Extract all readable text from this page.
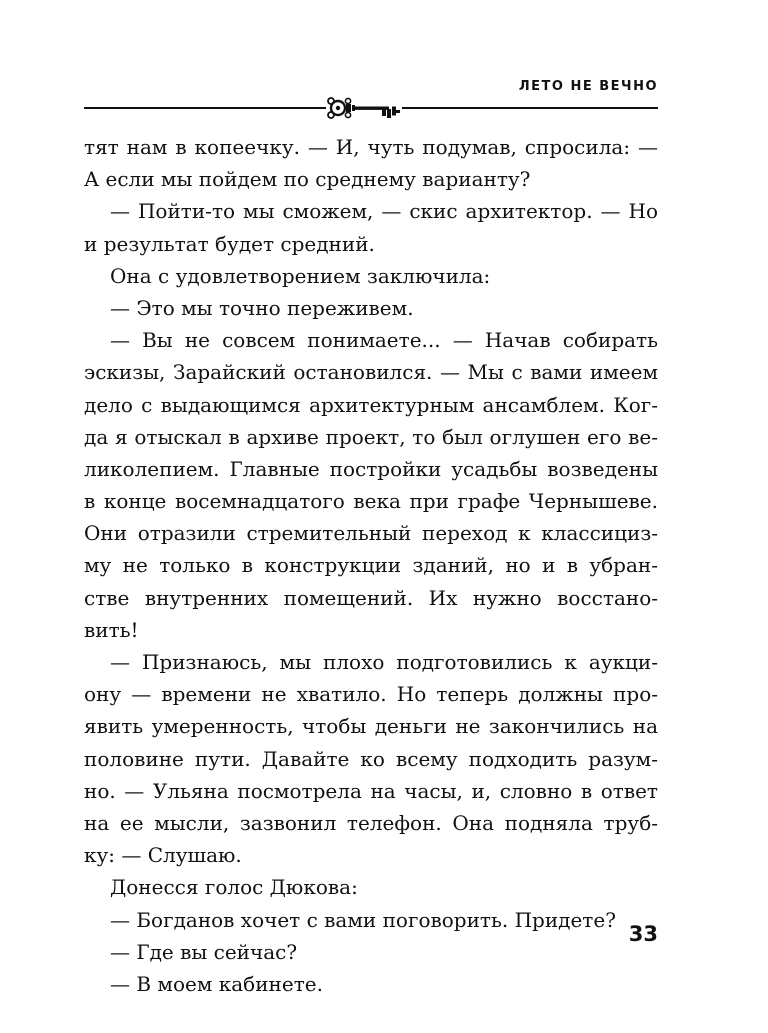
ЛЕТО НЕ ВЕЧНО
тят нам в копеечку. — И, чуть подумав, спросила: —
А если мы пойдем по среднему варианту?
— Пойти-то мы сможем, — скис архитектор. — Но
и результат будет средний.
Она с удовлетворением заключила:
— Это мы точно переживем.
— Вы не совсем понимаете... — Начав собирать
эскизы, Зарайский остановился. — Мы с вами имеем
дело с выдающимся архитектурным ансамблем. Ког-
да я отыскал в архиве проект, то был оглушен его ве-
ликолепием. Главные постройки усадьбы возведены
в конце восемнадцатого века при графе Чернышеве.
Они отразили стремительный переход к классициз-
му не только в конструкции зданий, но и в убран-
стве внутренних помещений. Их нужно восстано-
вить!
— Признаюсь, мы плохо подготовились к аукци-
ону — времени не хватило. Но теперь должны про-
явить умеренность, чтобы деньги не закончились на
половине пути. Давайте ко всему подходить разум-
но. — Ульяна посмотрела на часы, и, словно в ответ
на ее мысли, зазвонил телефон. Она подняла труб-
ку: — Слушаю.
Донесся голос Дюкова:
— Богданов хочет с вами поговорить. Придете?
— Где вы сейчас?
— В моем кабинете.
33
